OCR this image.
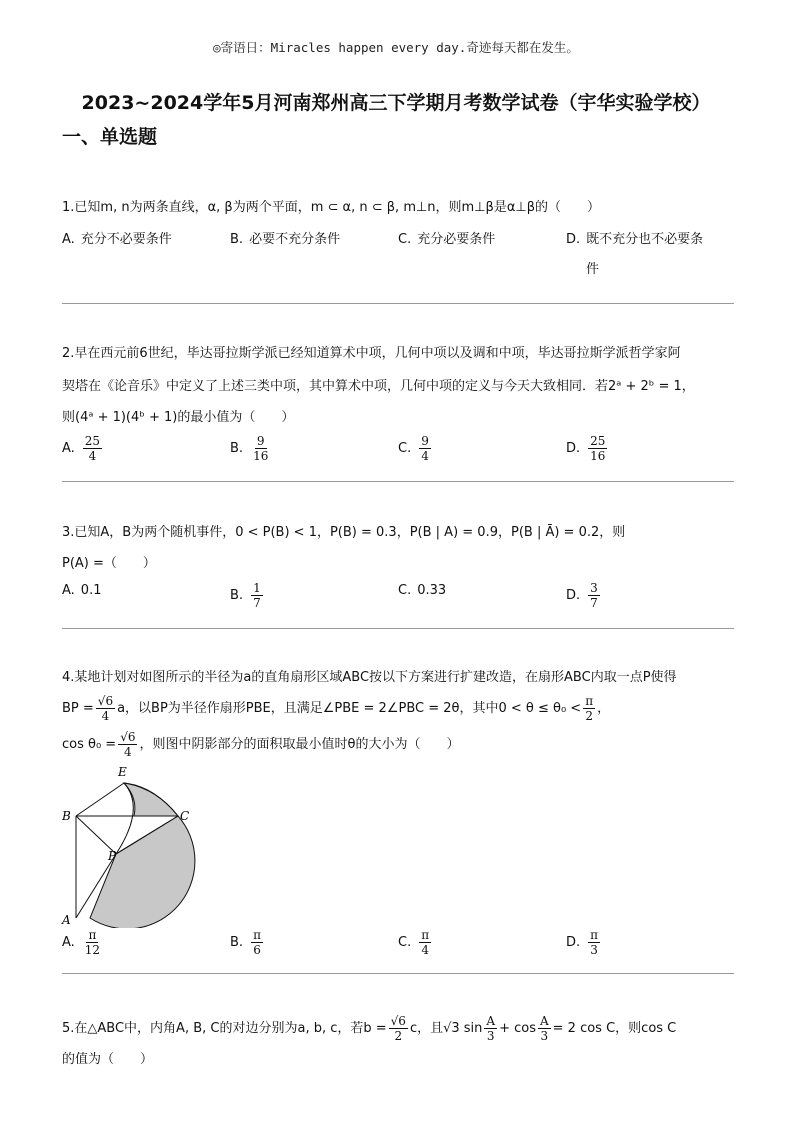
◎寄语日：Miracles happen every day.奇迹每天都在发生。
2023~2024学年5月河南郑州高三下学期月考数学试卷（宇华实验学校）
一、单选题
1.已知m, n为两条直线，α, β为两个平面，m ⊂ α, n ⊂ β, m⊥n，则m⊥β是α⊥β的（　　）
A. 充分不必要条件	B. 必要不充分条件	C. 充分必要条件	D. 既不充分也不必要条
件
2.早在西元前6世纪，毕达哥拉斯学派已经知道算术中项，几何中项以及调和中项，毕达哥拉斯学派哲学家阿
契塔在《论音乐》中定义了上述三类中项，其中算术中项，几何中项的定义与今天大致相同．若2ᵃ + 2ᵇ = 1，
则(4ᵃ + 1)(4ᵇ + 1)的最小值为（　　）
A. $\frac{25}{4}$	B. $\frac{9}{16}$	C. $\frac{9}{4}$	D. $\frac{25}{16}$
3.已知A，B为两个随机事件，0 < P(B) < 1，P(B) = 0.3，P(B | A) = 0.9，P(B | Ā) = 0.2，则
P(A) =（　　）
A. 0.1	B. $\frac{1}{7}$	C. 0.33	D. $\frac{3}{7}$
4.某地计划对如图所示的半径为a的直角扇形区域ABC按以下方案进行扩建改造，在扇形ABC内取一点P使得
BP = $\frac{√6}{4}$ a，以BP为半径作扇形PBE，且满足∠PBE = 2∠PBC = 2θ，其中$0 < \theta \le \theta_0 < \frac{\pi}{2}$ ，
$\cos \theta_0 = \frac{√6}{4}$ ，则图中阴影部分的面积取最小值时θ的大小为（　　）
B	C
E
P
A
A. $\frac{\pi}{12}$	B. $\frac{\pi}{6}$	C. $\frac{\pi}{4}$	D. $\frac{\pi}{3}$
5.在△ABC中，内角A, B, C的对边分别为a, b, c，若$b = \frac{√6}{2}$ c，且√3 $\sin \frac{A}{3} + \cos \frac{A}{3} = 2$ cos C，则cos C
的值为（　　）
